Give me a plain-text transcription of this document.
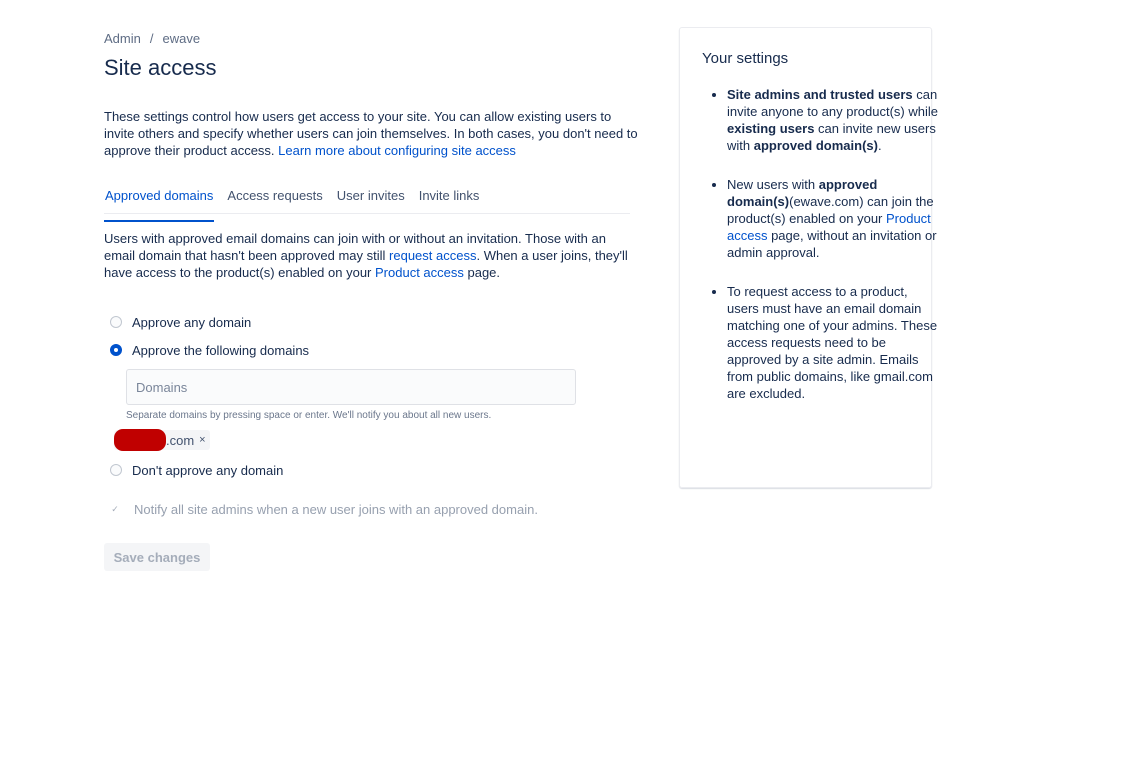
Admin / ewave
Site access
These settings control how users get access to your site. You can allow existing users to invite others and specify whether users can join themselves. In both cases, you don't need to approve their product access. Learn more about configuring site access
Approved domains Access requests User invites Invite links
Users with approved email domains can join with or without an invitation. Those with an email domain that hasn't been approved may still request access. When a user joins, they'll have access to the product(s) enabled on your Product access page.
Approve any domain
Approve the following domains
Domains
Separate domains by pressing space or enter. We'll notify you about all new users.
.com ×
Don't approve any domain
✓ Notify all site admins when a new user joins with an approved domain.
Save changes
Your settings
• Site admins and trusted users can invite anyone to any product(s) while existing users can invite new users with approved domain(s).
• New users with approved domain(s)(ewave.com) can join the product(s) enabled on your Product access page, without an invitation or admin approval.
• To request access to a product, users must have an email domain matching one of your admins. These access requests need to be approved by a site admin. Emails from public domains, like gmail.com are excluded.
